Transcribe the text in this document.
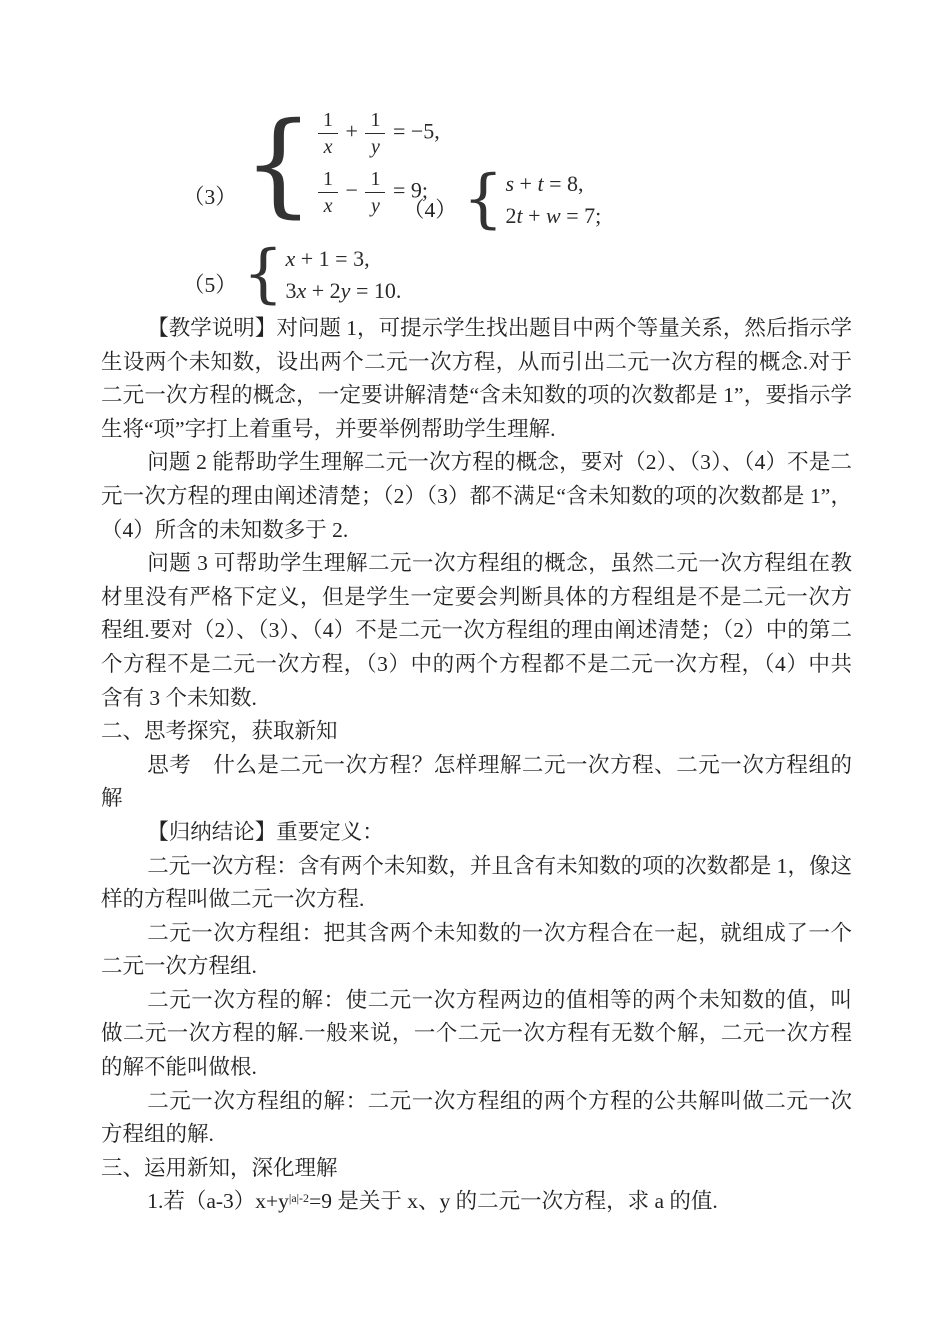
（3） { $\frac{1}{x} + \frac{1}{y} = -5$,
$\frac{1}{x} - \frac{1}{y} = 9$;
（4） { s + t = 8,
2t + w = 7;
（5） { x + 1 = 3,
3x + 2y = 10.

【教学说明】对问题 1，可提示学生找出题目中两个等量关系，然后指示学生设两个未知数，设出两个二元一次方程，从而引出二元一次方程的概念.对于二元一次方程的概念，一定要讲解清楚“含未知数的项的次数都是 1”，要指示学生将“项”字打上着重号，并要举例帮助学生理解.

问题 2 能帮助学生理解二元一次方程的概念，要对（2）、（3）、（4）不是二元一次方程的理由阐述清楚；（2）（3）都不满足“含未知数的项的次数都是 1”，（4）所含的未知数多于 2.

问题 3 可帮助学生理解二元一次方程组的概念，虽然二元一次方程组在教材里没有严格下定义，但是学生一定要会判断具体的方程组是不是二元一次方程组.要对（2）、（3）、（4）不是二元一次方程组的理由阐述清楚；（2）中的第二个方程不是二元一次方程，（3）中的两个方程都不是二元一次方程，（4）中共含有 3 个未知数.

二、思考探究，获取新知

思考　什么是二元一次方程？怎样理解二元一次方程、二元一次方程组的解

【归纳结论】重要定义：

二元一次方程：含有两个未知数，并且含有未知数的项的次数都是 1，像这样的方程叫做二元一次方程.

二元一次方程组：把其含两个未知数的一次方程合在一起，就组成了一个二元一次方程组.

二元一次方程的解：使二元一次方程两边的值相等的两个未知数的值，叫做二元一次方程的解.一般来说，一个二元一次方程有无数个解，二元一次方程的解不能叫做根.

二元一次方程组的解：二元一次方程组的两个方程的公共解叫做二元一次方程组的解.

三、运用新知，深化理解

1.若$(a-3)x+y^{|a|-2}=9$ 是关于 x、y 的二元一次方程，求 a 的值.
